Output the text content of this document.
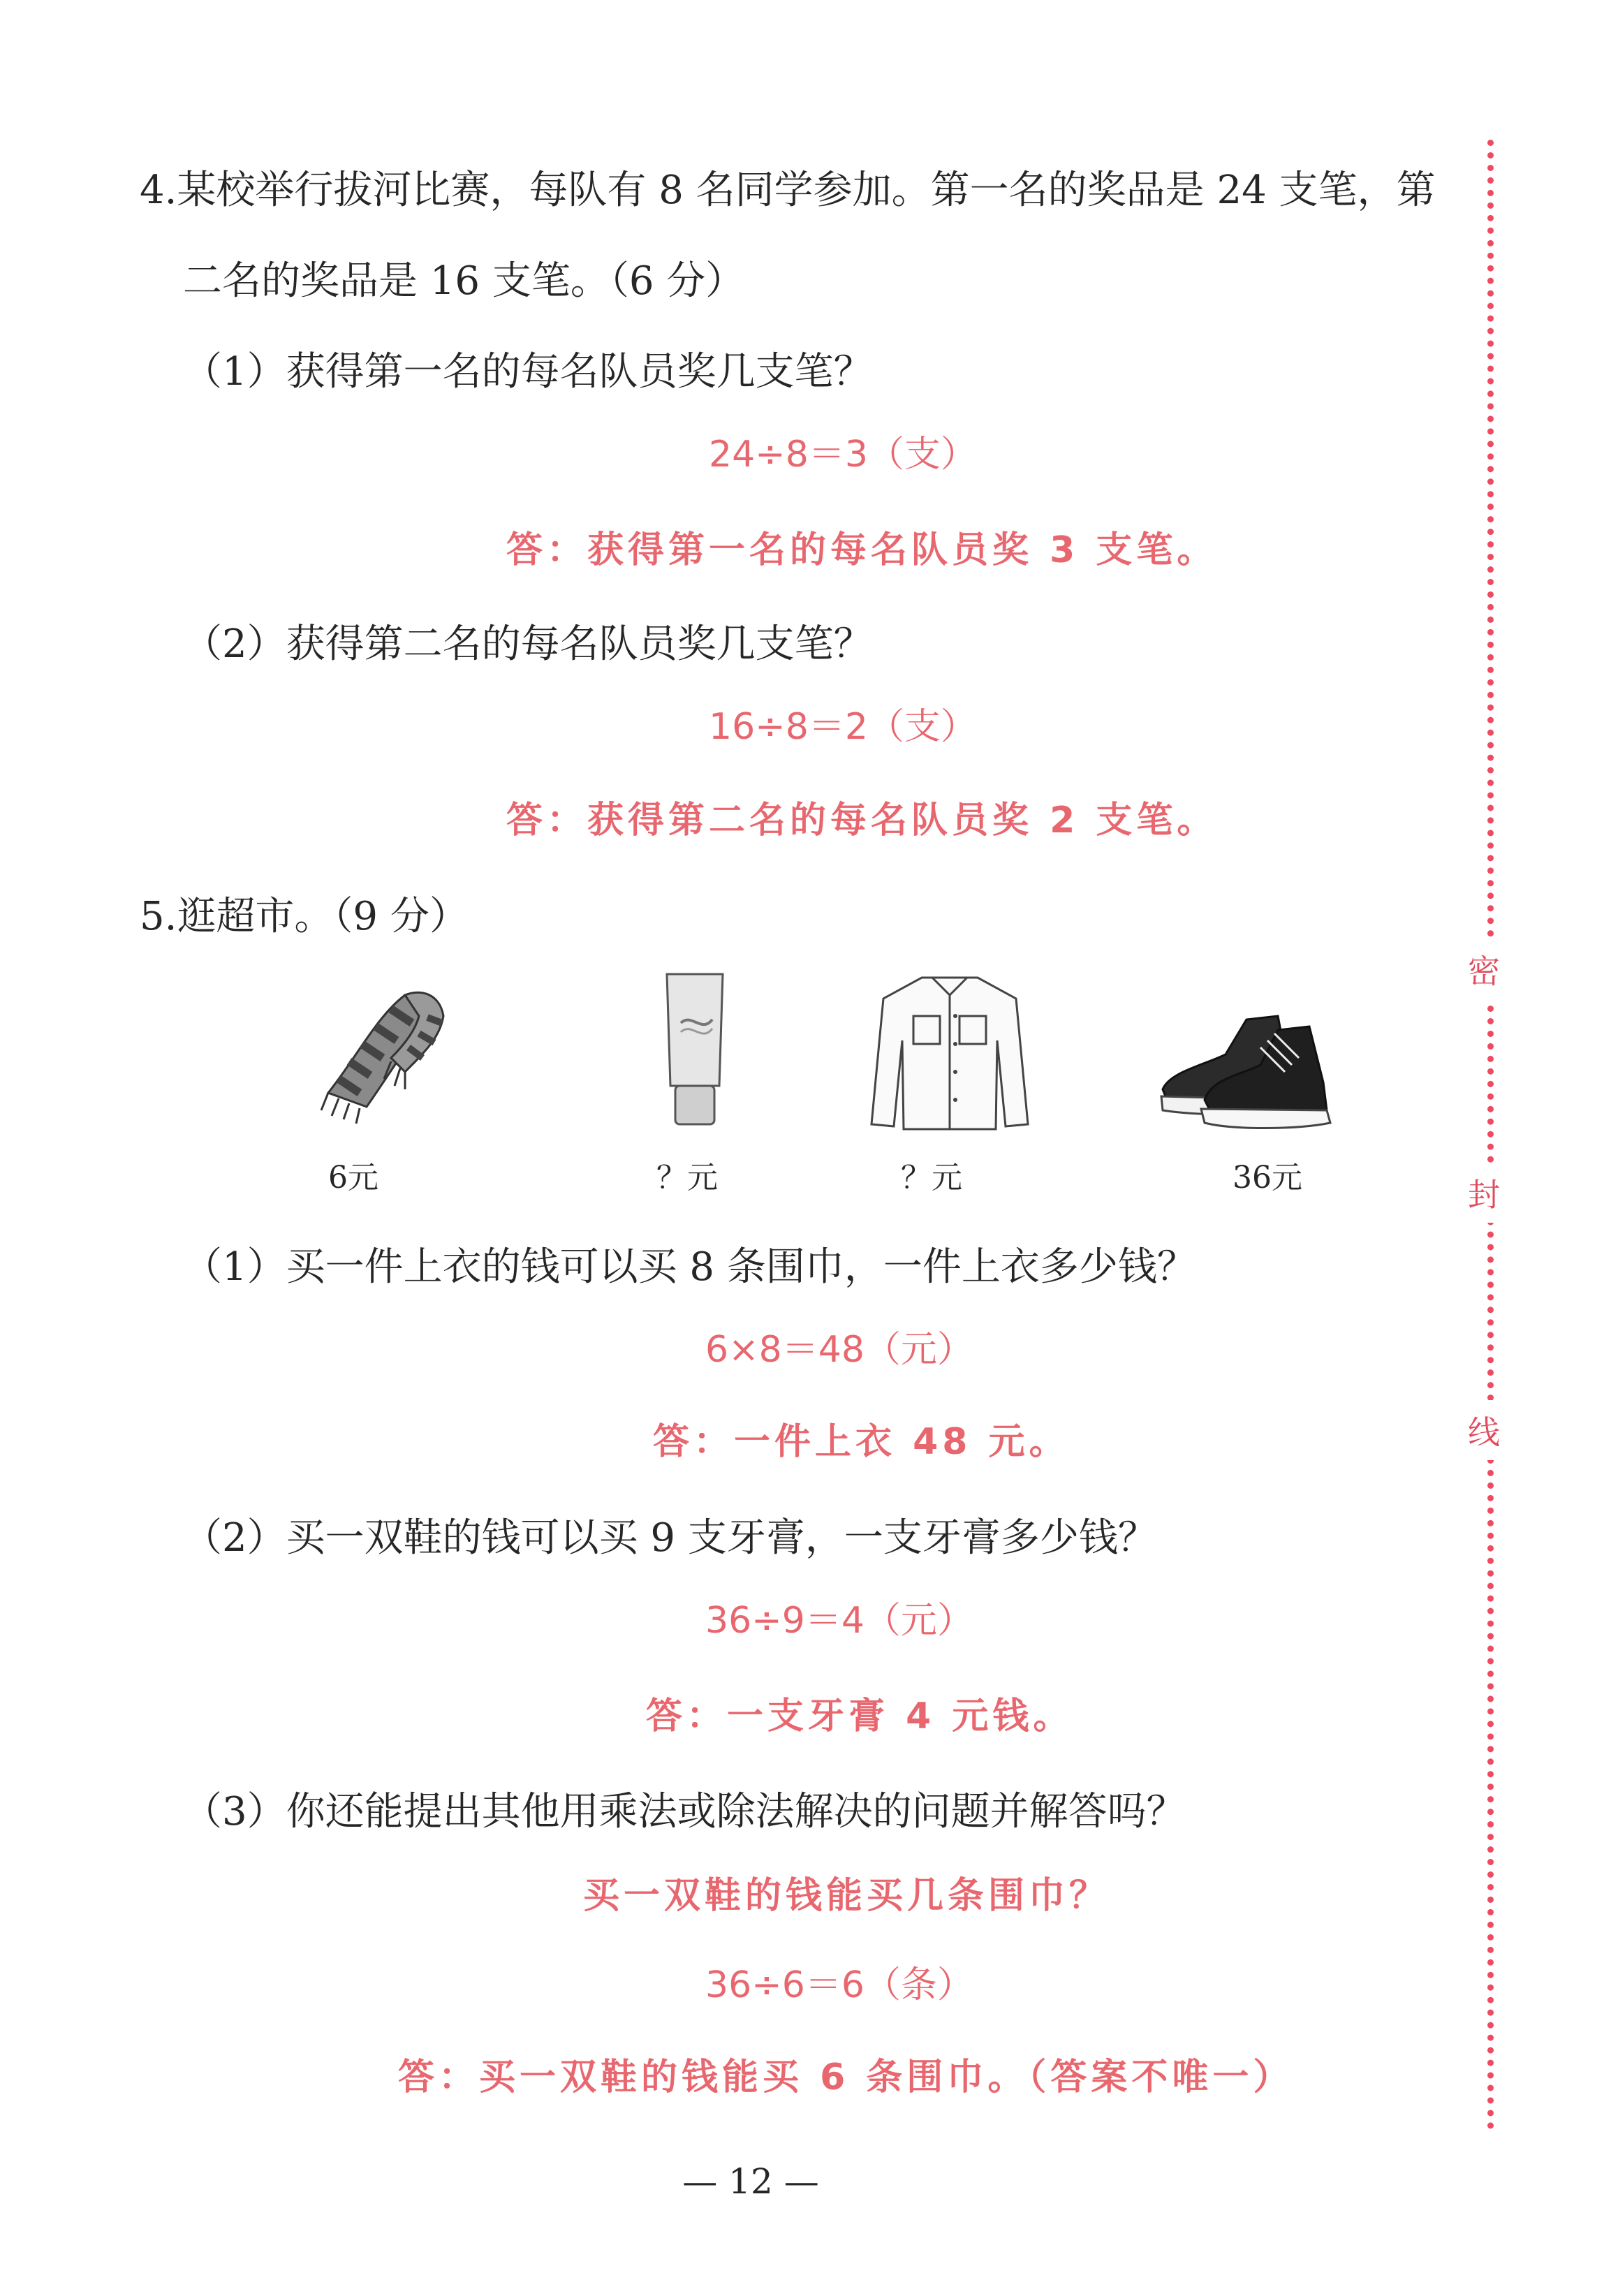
4.某校举行拔河比赛，每队有 8 名同学参加。第一名的奖品是 24 支笔，第
二名的奖品是 16 支笔。（6 分）
（1）获得第一名的每名队员奖几支笔？
24÷8＝3（支）
答：获得第一名的每名队员奖 3 支笔。
（2）获得第二名的每名队员奖几支笔？
16÷8＝2（支）
答：获得第二名的每名队员奖 2 支笔。
5.逛超市。（9 分）
6元	？元	？元	36元
（1）买一件上衣的钱可以买 8 条围巾，一件上衣多少钱？
6×8＝48（元）
答：一件上衣 48 元。
（2）买一双鞋的钱可以买 9 支牙膏，一支牙膏多少钱？
36÷9＝4（元）
答：一支牙膏 4 元钱。
（3）你还能提出其他用乘法或除法解决的问题并解答吗？
买一双鞋的钱能买几条围巾？
36÷6＝6（条）
答：买一双鞋的钱能买 6 条围巾。（答案不唯一）
密
封
线
— 12 —
